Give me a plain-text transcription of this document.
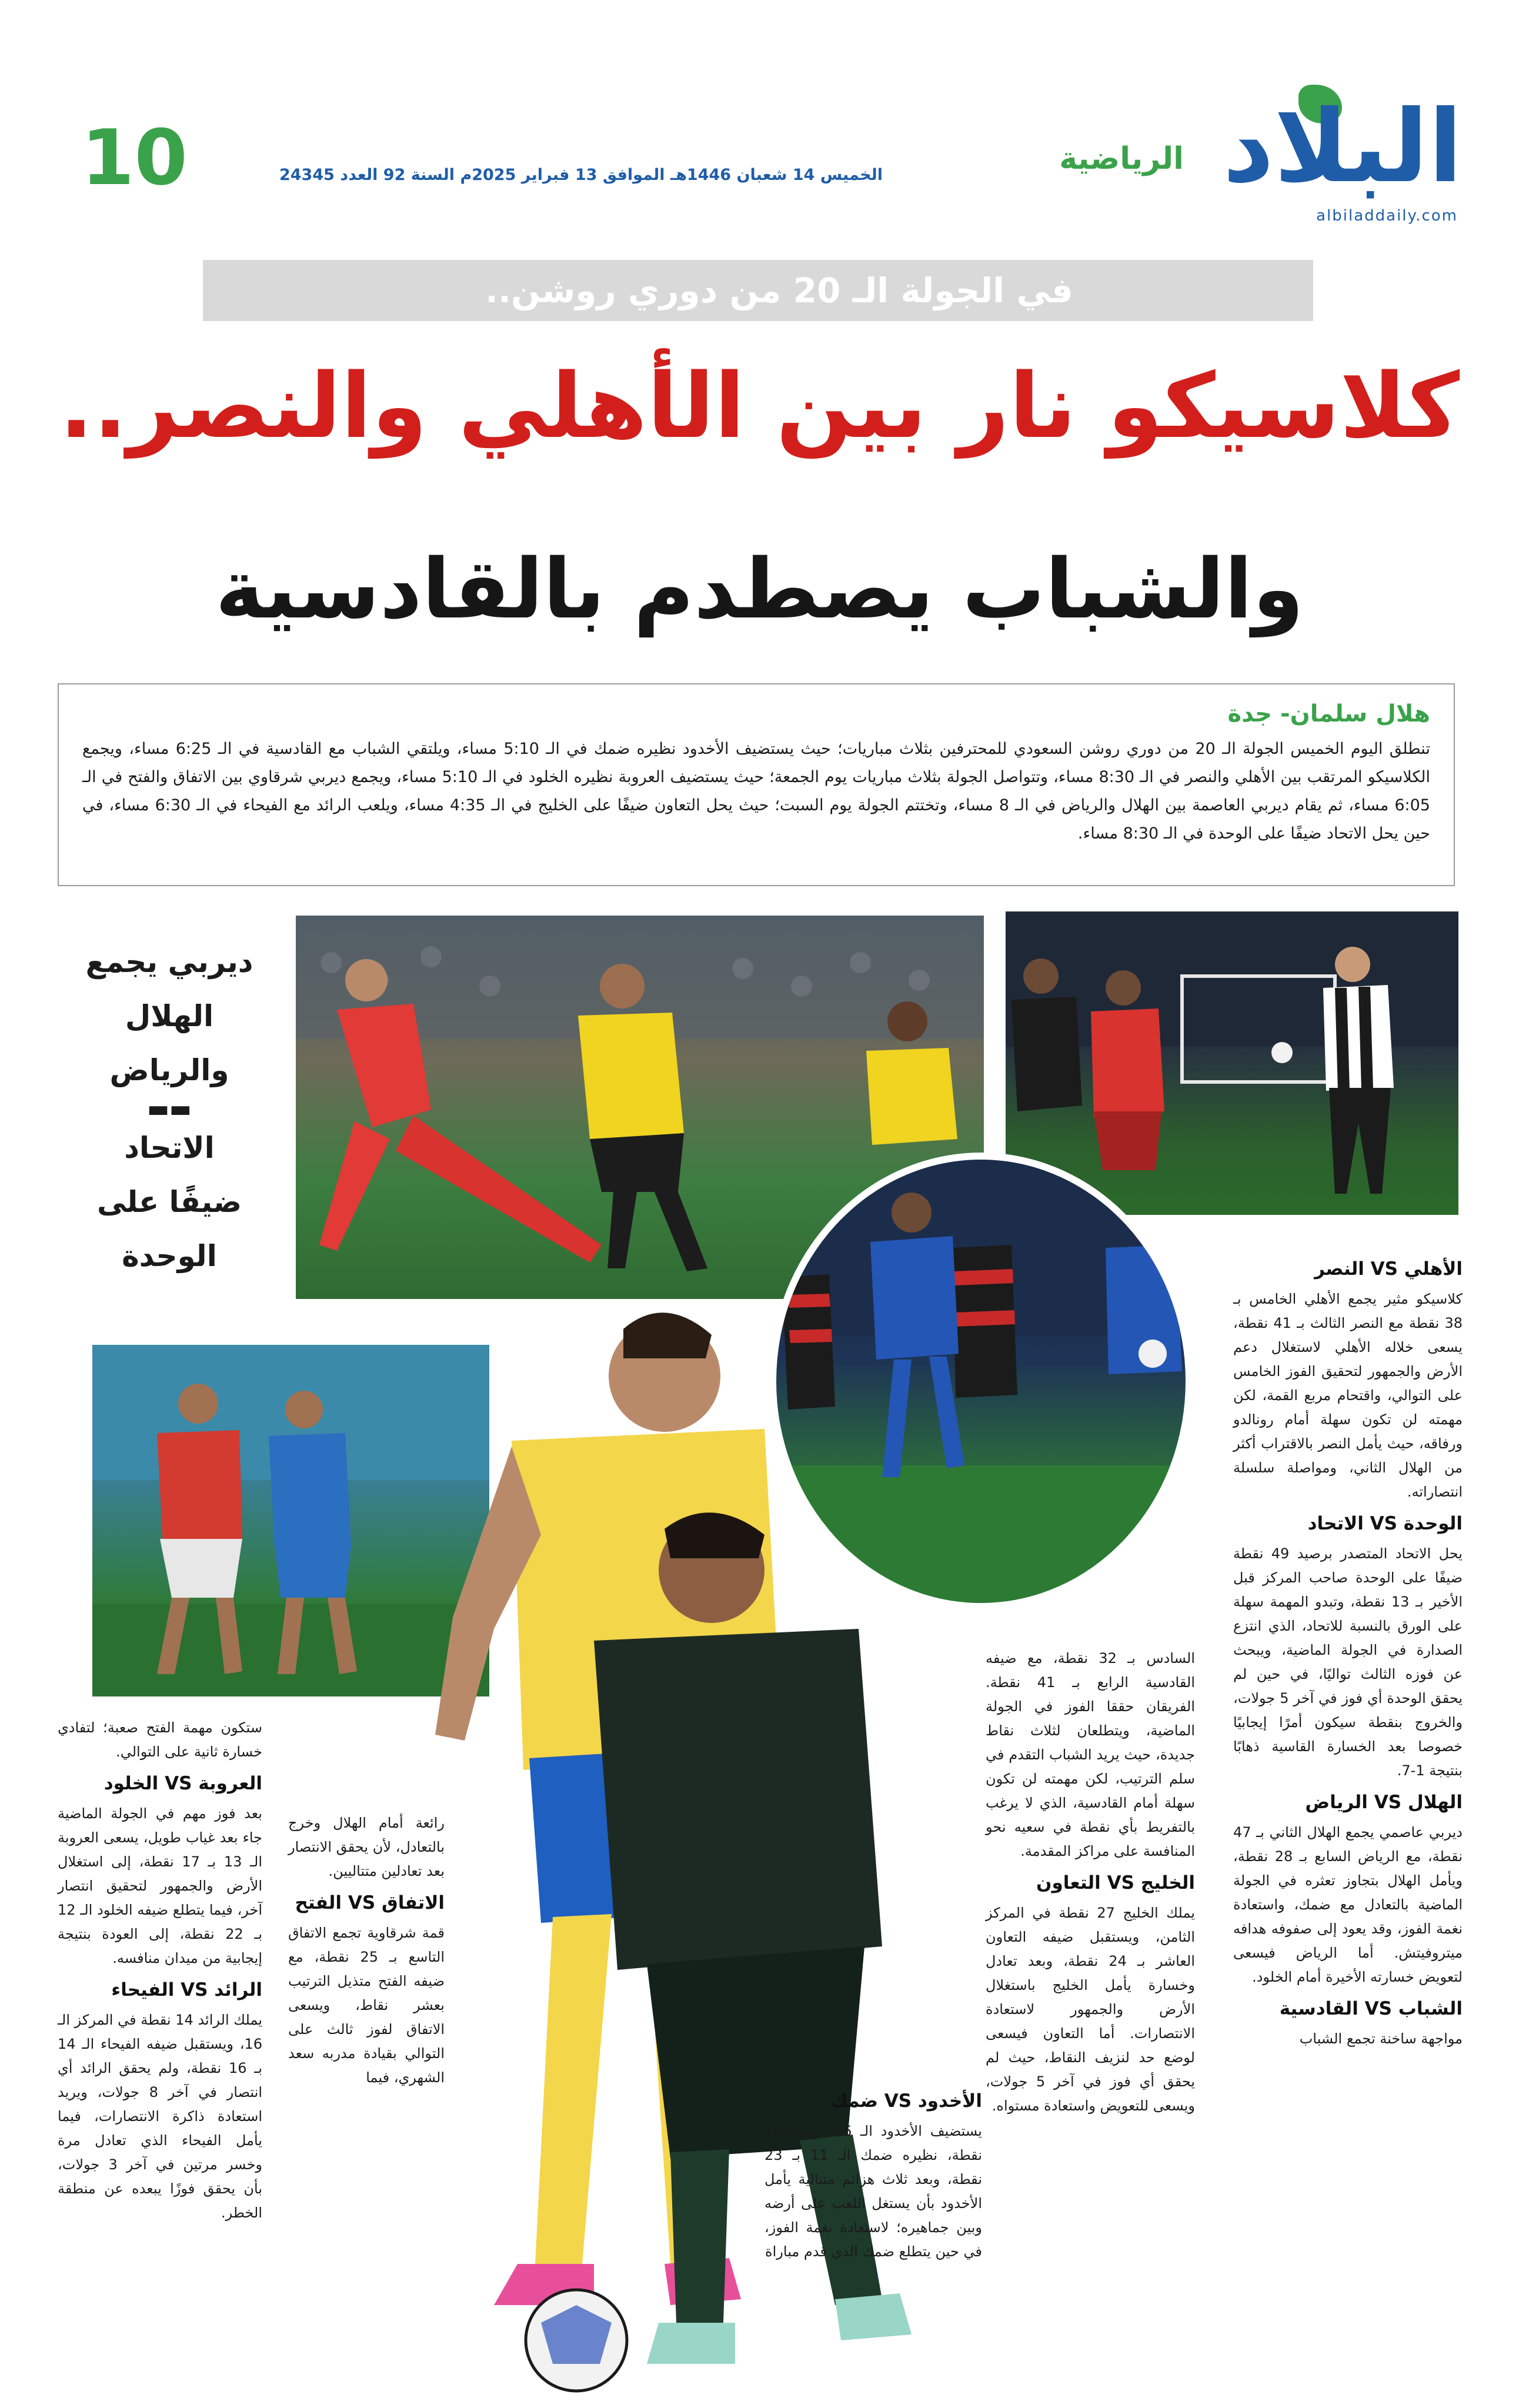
البلاد
albiladdaily.com
الرياضية
الخميس 14 شعبان 1446هـ الموافق 13 فبراير 2025م السنة 92 العدد 24345
10
في الجولة الـ 20 من دوري روشن..
كلاسيكو نار بين الأهلي والنصر..
والشباب يصطدم بالقادسية
هلال سلمان- جدة

تنطلق اليوم الخميس الجولة الـ 20 من دوري روشن السعودي للمحترفين بثلاث مباريات؛ حيث يستضيف الأخدود نظيره ضمك في الـ 5:10 مساء، ويلتقي الشباب مع القادسية في الـ 6:25 مساء، ويجمع الكلاسيكو المرتقب بين الأهلي والنصر في الـ 8:30 مساء، وتتواصل الجولة بثلاث مباريات يوم الجمعة؛ حيث يستضيف العروبة نظيره الخلود في الـ 5:10 مساء، ويجمع ديربي شرقاوي بين الاتفاق والفتح في الـ 6:05 مساء، ثم يقام ديربي العاصمة بين الهلال والرياض في الـ 8 مساء، وتختتم الجولة يوم السبت؛ حيث يحل التعاون ضيفًا على الخليج في الـ 4:35 مساء، ويلعب الرائد مع الفيحاء في الـ 6:30 مساء، في حين يحل الاتحاد ضيفًا على الوحدة في الـ 8:30 مساء.

ديربي يجمع
الهلال
والرياض
▬▬
الاتحاد
ضيفًا على
الوحدة	الأهلي VS النصر

كلاسيكو مثير يجمع الأهلي الخامس بـ 38 نقطة مع النصر الثالث بـ 41 نقطة، يسعى خلاله الأهلي لاستغلال دعم الأرض والجمهور لتحقيق الفوز الخامس على التوالي، واقتحام مربع القمة، لكن مهمته لن تكون سهلة أمام رونالدو ورفاقه، حيث يأمل النصر بالاقتراب أكثر من الهلال الثاني، ومواصلة سلسلة انتصاراته.

الوحدة VS الاتحاد

يحل الاتحاد المتصدر برصيد 49 نقطة ضيفًا على الوحدة صاحب المركز قبل الأخير بـ 13 نقطة، وتبدو المهمة سهلة على الورق بالنسبة للاتحاد، الذي انتزع الصدارة في الجولة الماضية، ويبحث عن فوزه الثالث تواليًا، في حين لم يحقق الوحدة أي فوز في آخر 5 جولات، والخروج بنقطة سيكون أمرًا إيجابيًا خصوصا بعد الخسارة القاسية ذهابًا بنتيجة 1-7.

الهلال VS الرياض

ديربي عاصمي يجمع الهلال الثاني بـ 47 نقطة، مع الرياض السابع بـ 28 نقطة، ويأمل الهلال بتجاوز تعثره في الجولة الماضية بالتعادل مع ضمك، واستعادة نغمة الفوز، وقد يعود إلى صفوفه هدافه ميتروفيتش. أما الرياض فيسعى لتعويض خسارته الأخيرة أمام الخلود.

الشباب VS القادسية

مواجهة ساخنة تجمع الشباب

السادس بـ 32 نقطة، مع ضيفه القادسية الرابع بـ 41 نقطة. الفريقان حققا الفوز في الجولة الماضية، ويتطلعان لثلاث نقاط جديدة، حيث يريد الشباب التقدم في سلم الترتيب، لكن مهمته لن تكون سهلة أمام القادسية، الذي لا يرغب بالتفريط بأي نقطة في سعيه نحو المنافسة على مراكز المقدمة.

الخليج VS التعاون

يملك الخليج 27 نقطة في المركز الثامن، ويستقبل ضيفه التعاون العاشر بـ 24 نقطة، وبعد تعادل وخسارة يأمل الخليج باستغلال الأرض والجمهور لاستعادة الانتصارات. أما التعاون فيسعى لوضع حد لنزيف النقاط، حيث لم يحقق أي فوز في آخر 5 جولات، ويسعى للتعويض واستعادة مستواه.

الأخدود VS ضمك

يستضيف الأخدود الـ 15 برصيد 15 نقطة، نظيره ضمك الـ 11 بـ 23 نقطة، وبعد ثلاث هزائم متتالية يأمل الأخدود بأن يستغل اللعب على أرضه وبين جماهيره؛ لاستعادة نغمة الفوز، في حين يتطلع ضمك الذي قدم مباراة

رائعة أمام الهلال وخرج بالتعادل، لأن يحقق الانتصار بعد تعادلين متتاليين.

الاتفاق VS الفتح

قمة شرقاوية تجمع الاتفاق التاسع بـ 25 نقطة، مع ضيفه الفتح متذيل الترتيب بعشر نقاط، ويسعى الاتفاق لفوز ثالث على التوالي بقيادة مدربه سعد الشهري، فيما

ستكون مهمة الفتح صعبة؛ لتفادي خسارة ثانية على التوالي.

العروبة VS الخلود

بعد فوز مهم في الجولة الماضية جاء بعد غياب طويل، يسعى العروبة الـ 13 بـ 17 نقطة، إلى استغلال الأرض والجمهور لتحقيق انتصار آخر، فيما يتطلع ضيفه الخلود الـ 12 بـ 22 نقطة، إلى العودة بنتيجة إيجابية من ميدان منافسه.

الرائد VS الفيحاء

يملك الرائد 14 نقطة في المركز الـ 16، ويستقبل ضيفه الفيحاء الـ 14 بـ 16 نقطة، ولم يحقق الرائد أي انتصار في آخر 8 جولات، ويريد استعادة ذاكرة الانتصارات، فيما يأمل الفيحاء الذي تعادل مرة وخسر مرتين في آخر 3 جولات، بأن يحقق فوزًا يبعده عن منطقة الخطر.
